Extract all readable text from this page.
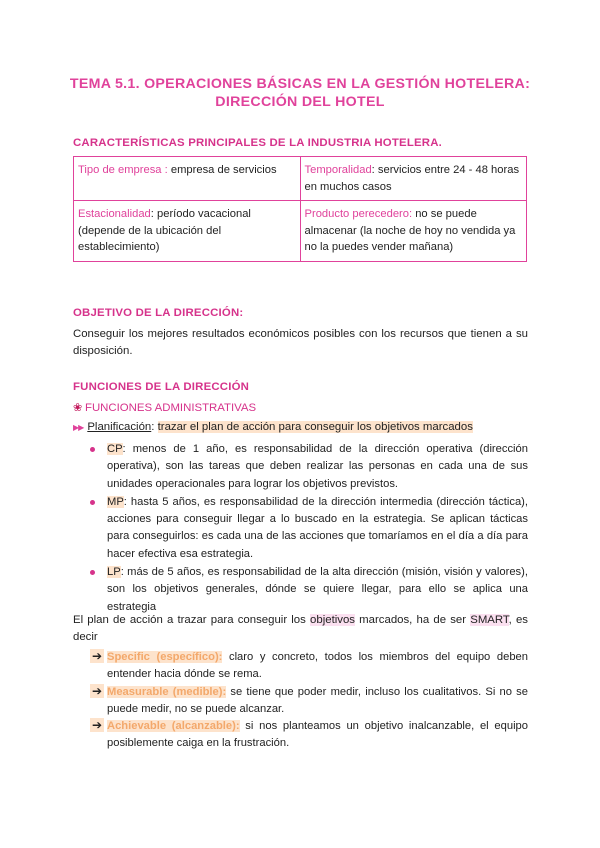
TEMA 5.1. OPERACIONES BÁSICAS EN LA GESTIÓN HOTELERA:
DIRECCIÓN DEL HOTEL
CARACTERÍSTICAS PRINCIPALES DE LA INDUSTRIA HOTELERA.
Tipo de empresa : empresa de servicios	Temporalidad: servicios entre 24 - 48 horas en muchos casos
Estacionalidad: período vacacional (depende de la ubicación del establecimiento)	Producto perecedero: no se puede almacenar (la noche de hoy no vendida ya no la puedes vender mañana)
OBJETIVO DE LA DIRECCIÓN:
Conseguir los mejores resultados económicos posibles con los recursos que tienen a su disposición.
FUNCIONES DE LA DIRECCIÓN
❀ FUNCIONES ADMINISTRATIVAS
▶▶ Planificación: trazar el plan de acción para conseguir los objetivos marcados
CP: menos de 1 año, es responsabilidad de la dirección operativa (dirección operativa), son las tareas que deben realizar las personas en cada una de sus unidades operacionales para lograr los objetivos previstos.
MP: hasta 5 años, es responsabilidad de la dirección intermedia (dirección táctica), acciones para conseguir llegar a lo buscado en la estrategia. Se aplican tácticas para conseguirlos: es cada una de las acciones que tomaríamos en el día a día para hacer efectiva esa estrategia.
LP: más de 5 años, es responsabilidad de la alta dirección (misión, visión y valores), son los objetivos generales, dónde se quiere llegar, para ello se aplica una estrategia
El plan de acción a trazar para conseguir los objetivos marcados, ha de ser SMART, es decir
➔ Specific (específico): claro y concreto, todos los miembros del equipo deben entender hacia dónde se rema.
➔ Measurable (medible): se tiene que poder medir, incluso los cualitativos. Si no se puede medir, no se puede alcanzar.
➔ Achievable (alcanzable): si nos planteamos un objetivo inalcanzable, el equipo posiblemente caiga en la frustración.
